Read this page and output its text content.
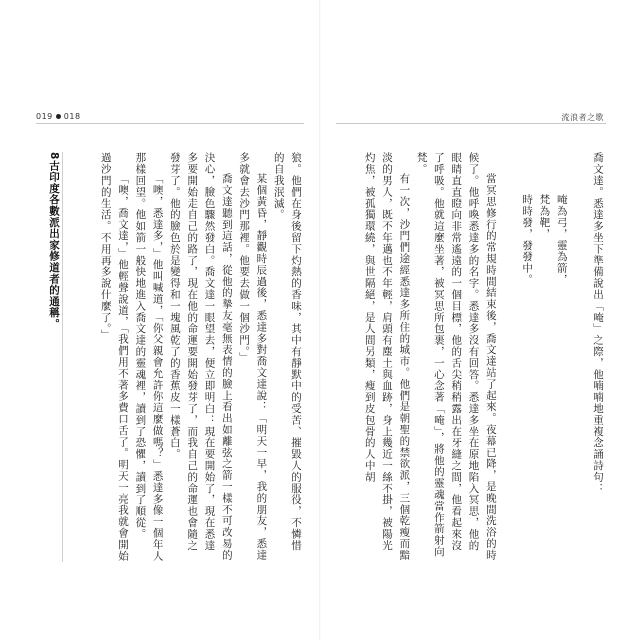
019 018	流浪者之歌
8古印度各數派出家修道者的通稱。	狼。他們在身後留下灼熱的香味，其中有靜默中的受苦、摧毀人的服役，不憐惜的自我泯滅。

某個黃昏，靜觀時辰過後，悉達多對喬文達說：「明天一早，我的朋友，悉達多就會去沙門那裡。他要去做一個沙門。」

喬文達聽到這話，從他的摯友毫無表情的臉上看出如離弦之箭一樣不可改易的決心，臉色驟然發白。喬文達一眼望去，便立即明白：現在要開始了，現在悉達多要開始走自己的路了，現在他的命運要開始發芽了，而我自己的命運也會隨之發芽了。他的臉色於是變得和一塊風乾了的香蕉皮一樣蒼白。

「噢，悉達多，」他叫喊道，「你父親會允許你這麼做嗎？」悉達多像一個年人那樣回望。他如箭一般快地進入喬文達的靈魂裡，讀到了恐懼，讀到了順從。

「噢，喬文達，」他輕聲說道，「我們用不著多費口舌了。明天一亮我就會開始過沙門的生活。不用再多說什麼了。」	喬文達。悉達多坐下準備說出「唵」之際，他喃喃地重複念誦詩句：

唵為弓，靈為箭，

梵為靶，

時時發，發發中。

當冥思修行的常規時間結束後，喬文達站了起來。夜幕已降，是晚間洗浴的時候了。他呼喚悉達多的名字。悉達多沒有回答。悉達多坐在原地陷入冥思，他的眼睛直直瞪向非常遙遠的一個目標，他的舌尖稍稍露出在牙縫之間，他看起來沒了呼吸。他就這麼坐著，被冥思所包裹，一心念著「唵」，將他的靈魂當作箭射向梵。

有一次，沙門們途經悉達多所住的城市。他們是朝聖的禁欲派，三個乾瘦而黯淡的男人，既不年邁也不年輕，肩頭有塵土與血跡，身上幾近一絲不掛，被陽光灼焦，被孤獨環繞，與世隔絕，是人間另類，瘦到皮包骨的人中胡
